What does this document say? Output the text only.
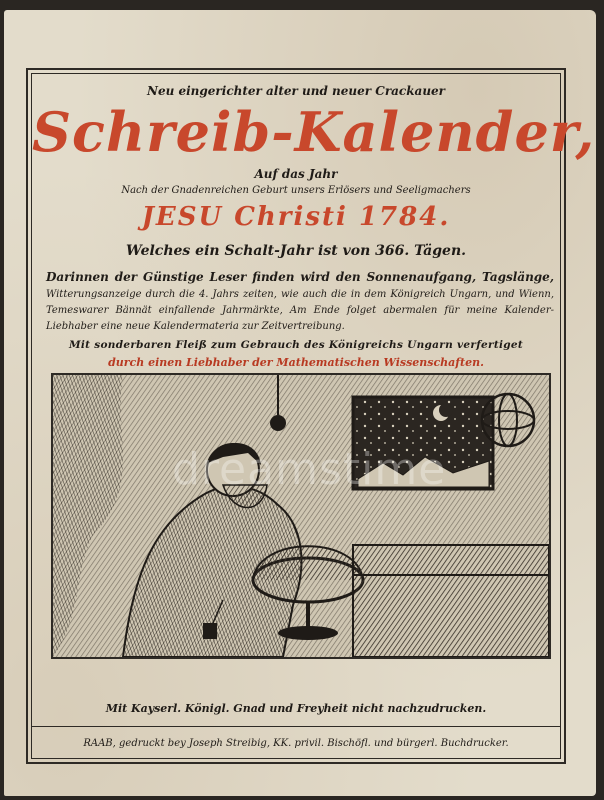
Neu eingerichter alter und neuer Crackauer
Schreib-Kalender,
Auf das Jahr
Nach der Gnadenreichen Geburt unsers Erlösers und Seeligmachers
JESU Christi 1784.
Welches ein Schalt-Jahr ist von 366. Tägen.
Darinnen der Günstige Leser finden wird den Sonnenaufgang, Tagslänge, Witterungsanzeige durch die 4. Jahrs zeiten, wie auch die in dem Königreich Ungarn, und Wienn, Temeswarer Bännät einfallende Jahrmärkte, Am Ende folget abermalen für meine Kalender-Liebhaber eine neue Kalendermateria zur Zeitvertreibung.
Mit sonderbaren Fleiß zum Gebrauch des Königreichs Ungarn verfertiget
durch einen Liebhaber der Mathematischen Wissenschaften.
dreamstime
Mit Kayserl. Königl. Gnad und Freyheit nicht nachzudrucken.
RAAB, gedruckt bey Joseph Streibig, KK. privil. Bischöfl. und bürgerl. Buchdrucker.
